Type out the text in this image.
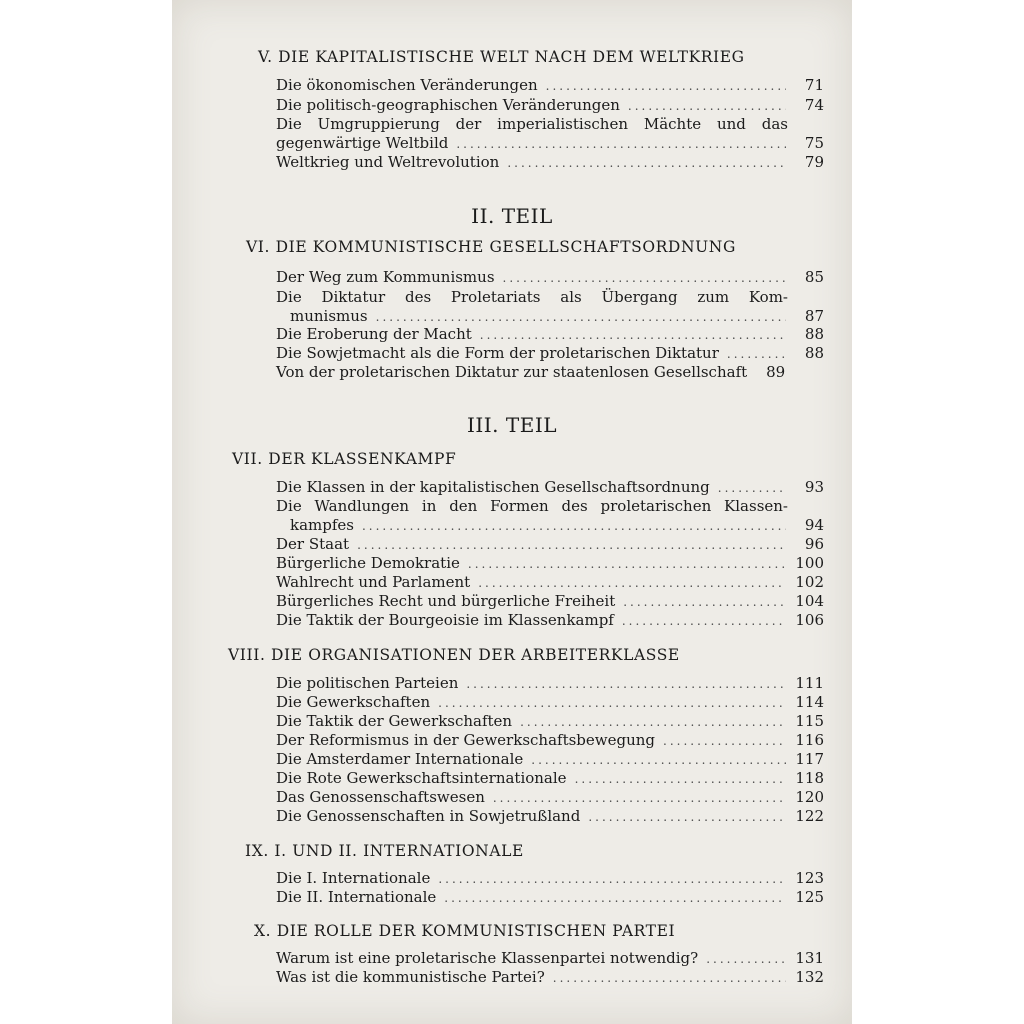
V. DIE KAPITALISTISCHE WELT NACH DEM WELTKRIEG
Die ökonomischen Veränderungen .....	71
Die politisch-geographischen Veränderungen .....	74
Die Umgruppierung der imperialistischen Mächte und das
gegenwärtige Weltbild .....	75
Weltkrieg und Weltrevolution .....	79
II. TEIL
VI. DIE KOMMUNISTISCHE GESELLSCHAFTSORDNUNG
Der Weg zum Kommunismus .....	85
Die Diktatur des Proletariats als Übergang zum Kom-
munismus .....	87
Die Eroberung der Macht .....	88
Die Sowjetmacht als die Form der proletarischen Diktatur .....	88
Von der proletarischen Diktatur zur staatenlosen Gesellschaft	89
III. TEIL
VII. DER KLASSENKAMPF
Die Klassen in der kapitalistischen Gesellschaftsordnung .....	93
Die Wandlungen in den Formen des proletarischen Klassen-
kampfes .....	94
Der Staat .....	96
Bürgerliche Demokratie .....	100
Wahlrecht und Parlament .....	102
Bürgerliches Recht und bürgerliche Freiheit .....	104
Die Taktik der Bourgeoisie im Klassenkampf .....	106
VIII. DIE ORGANISATIONEN DER ARBEITERKLASSE
Die politischen Parteien .....	111
Die Gewerkschaften .....	114
Die Taktik der Gewerkschaften .....	115
Der Reformismus in der Gewerkschaftsbewegung .....	116
Die Amsterdamer Internationale .....	117
Die Rote Gewerkschaftsinternationale .....	118
Das Genossenschaftswesen .....	120
Die Genossenschaften in Sowjetrußland .....	122
IX. I. UND II. INTERNATIONALE
Die I. Internationale .....	123
Die II. Internationale .....	125
X. DIE ROLLE DER KOMMUNISTISCHEN PARTEI
Warum ist eine proletarische Klassenpartei notwendig? .....	131
Was ist die kommunistische Partei? .....	132
